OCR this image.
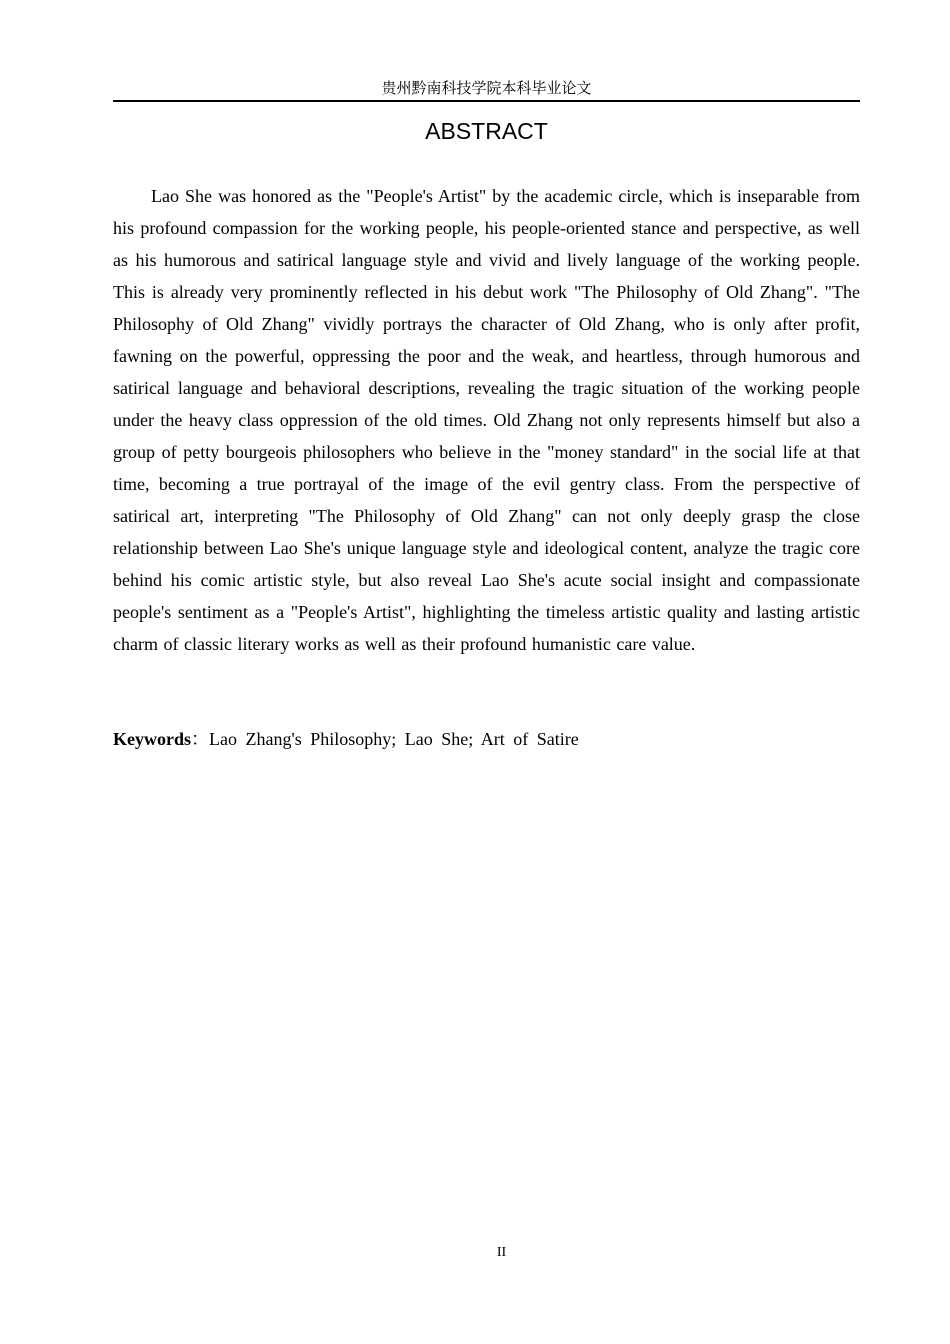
贵州黔南科技学院本科毕业论文
ABSTRACT

Lao She was honored as the "People's Artist" by the academic circle, which is inseparable from his profound compassion for the working people, his people-oriented stance and perspective, as well as his humorous and satirical language style and vivid and lively language of the working people. This is already very prominently reflected in his debut work "The Philosophy of Old Zhang". "The Philosophy of Old Zhang" vividly portrays the character of Old Zhang, who is only after profit, fawning on the powerful, oppressing the poor and the weak, and heartless, through humorous and satirical language and behavioral descriptions, revealing the tragic situation of the working people under the heavy class oppression of the old times. Old Zhang not only represents himself but also a group of petty bourgeois philosophers who believe in the "money standard" in the social life at that time, becoming a true portrayal of the image of the evil gentry class. From the perspective of satirical art, interpreting "The Philosophy of Old Zhang" can not only deeply grasp the close relationship between Lao She's unique language style and ideological content, analyze the tragic core behind his comic artistic style, but also reveal Lao She's acute social insight and compassionate people's sentiment as a "People's Artist", highlighting the timeless artistic quality and lasting artistic charm of classic literary works as well as their profound humanistic care value.

Keywords：Lao Zhang's Philosophy; Lao She; Art of Satire

II
